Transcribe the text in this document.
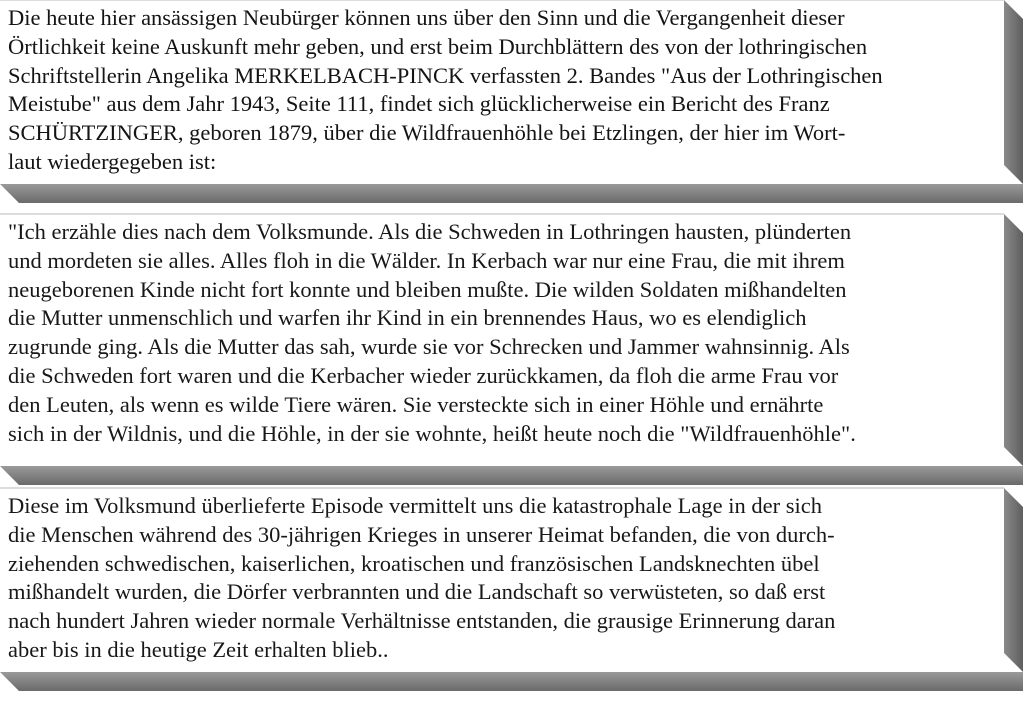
Die heute hier ansässigen Neubürger können uns über den Sinn und die Vergangenheit dieser
Örtlichkeit keine Auskunft mehr geben, und erst beim Durchblättern des von der lothringischen
Schriftstellerin Angelika MERKELBACH-PINCK verfassten 2. Bandes "Aus der Lothringischen
Meistube" aus dem Jahr 1943, Seite 111, findet sich glücklicherweise ein Bericht des Franz
SCHÜRTZINGER, geboren 1879, über die Wildfrauenhöhle bei Etzlingen, der hier im Wort-
laut wiedergegeben ist:

"Ich erzähle dies nach dem Volksmunde. Als die Schweden in Lothringen hausten, plünderten
und mordeten sie alles. Alles floh in die Wälder. In Kerbach war nur eine Frau, die mit ihrem
neugeborenen Kinde nicht fort konnte und bleiben mußte. Die wilden Soldaten mißhandelten
die Mutter unmenschlich und warfen ihr Kind in ein brennendes Haus, wo es elendiglich
zugrunde ging. Als die Mutter das sah, wurde sie vor Schrecken und Jammer wahnsinnig. Als
die Schweden fort waren und die Kerbacher wieder zurückkamen, da floh die arme Frau vor
den Leuten, als wenn es wilde Tiere wären. Sie versteckte sich in einer Höhle und ernährte
sich in der Wildnis, und die Höhle, in der sie wohnte, heißt heute noch die "Wildfrauenhöhle".

Diese im Volksmund überlieferte Episode vermittelt uns die katastrophale Lage in der sich
die Menschen während des 30-jährigen Krieges in unserer Heimat befanden, die von durch-
ziehenden schwedischen, kaiserlichen, kroatischen und französischen Landsknechten übel
mißhandelt wurden, die Dörfer verbrannten und die Landschaft so verwüsteten, so daß erst
nach hundert Jahren wieder normale Verhältnisse entstanden, die grausige Erinnerung daran
aber bis in die heutige Zeit erhalten blieb..
